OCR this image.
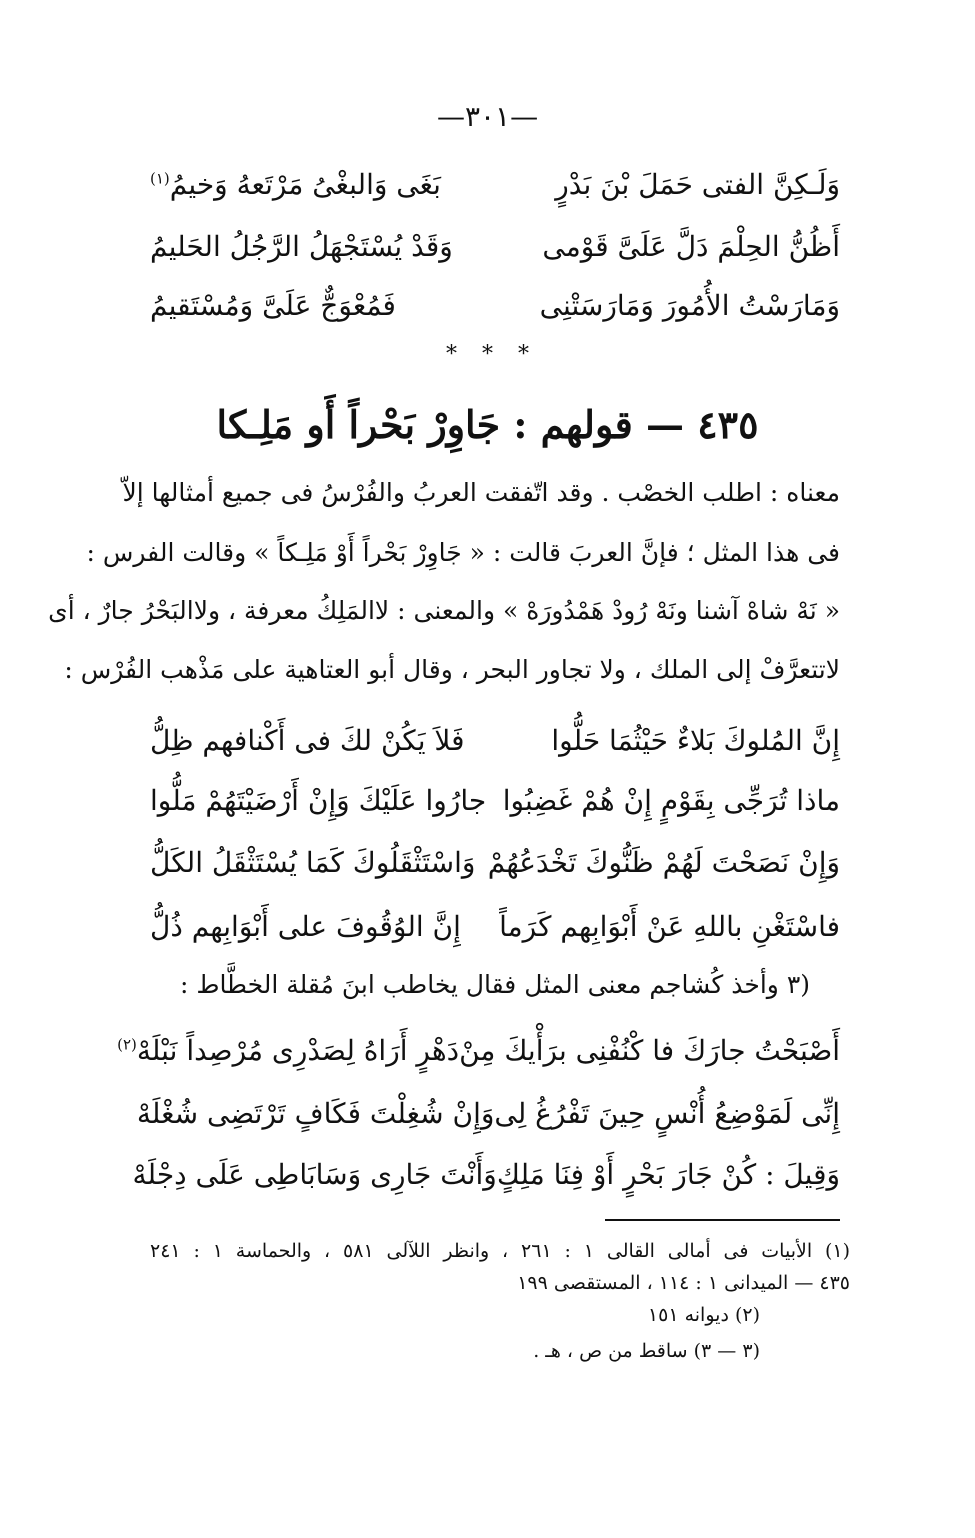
—٣٠١—
وَلَـكِنَّ الفتى حَمَلَ بْنَ بَدْرٍ
بَغَى وَالبغْىُ مَرْتَعهُ وَخيمُ$^{(١)}$
أَظُنُّ الحِلْمَ دَلَّ عَلَىَّ قَوْمى
وَقَدْ يُسْتَجْهَلُ الرَّجُلُ الحَليمُ
وَمَارَسْتُ الأُمُورَ وَمَارَسَتْنِى
فَمُعْوَجٌّ عَلَىَّ وَمُسْتَقيمُ
* * *
٤٣٥ — قولهم : جَاوِرْ بَحْراً أَو مَلِـكا
معناه : اطلب الخصْب . وقد اتّفقت العربُ والفُرْسُ فى جميع أمثالها إلاّ
فى هذا المثل ؛ فإنَّ العربَ قالت : « جَاوِرْ بَحْراً أَوْ مَلِـكاً » وقالت الفرس :
« نَهْ شاهْ آشنا ونَهْ رُودْ هَمْدُورَهْ » والمعنى : لاالمَلِكُ معرفة ، ولاالبَحْرُ جارٌ ، أى
لاتتعرَّفْ إلى الملك ، ولا تجاور البحر ، وقال أبو العتاهية على مَذْهب الفُرْس :
إِنَّ المُلوكَ بَلاءٌ حَيْثُمَا حَلُّوا
فَلاَ يَكُنْ لكَ فى أَكْنافهم ظِلُّ
ماذا تُرَجِّى بِقَوْمٍ إِنْ هُمْ غَضِبُوا
جارُوا عَلَيْكَ وَإِنْ أَرْضَيْتَهُمْ مَلُّوا
وَإِنْ نَصَحْتَ لَهُمْ ظَنُّوكَ تَخْدَعُهُمْ
وَاسْتَثْقَلُوكَ كَمَا يُسْتَثْقَلُ الكَلُّ
فاسْتَغْنِ باللهِ عَنْ أَبْوَابِهم كَرَماً
إِنَّ الوُقُوفَ على أَبْوَابِهم ذُلُّ
(٣ وأخذ كُشاجم معنى المثل فقال يخاطب ابنَ مُقلة الخطَّاط :
أَصْبَحْتُ جارَكَ فا كْنُفْنِى برَأْيكَ مِنْ
دَهْرٍ أَرَاهُ لِصَدْرِى مُرْصِداً نَبْلَهْ$^{(٢)}$
إِنِّى لَمَوْضِعُ أُنْسٍ حِينَ تَفْرُغُ لِى
وَإِنْ شُغِلْتَ فَكَافٍ تَرْتَضِى شُغْلَهْ
وَقِيلَ : كُنْ جَارَ بَحْرٍ أَوْ فِنَا مَلِكٍ
وَأَنْتَ جَارِى وَسَابَاطِى عَلَى دِجْلَهْ
(١) الأبيات فى أمالى القالى ١ : ٢٦١ ، وانظر اللآلى ٥٨١ ، والحماسة ١ : ٢٤١
٤٣٥ — الميدانى ١ : ١١٤ ، المستقصى ١٩٩
(٢) ديوانه ١٥١
(٣ — ٣) ساقط من ص ، هـ .
